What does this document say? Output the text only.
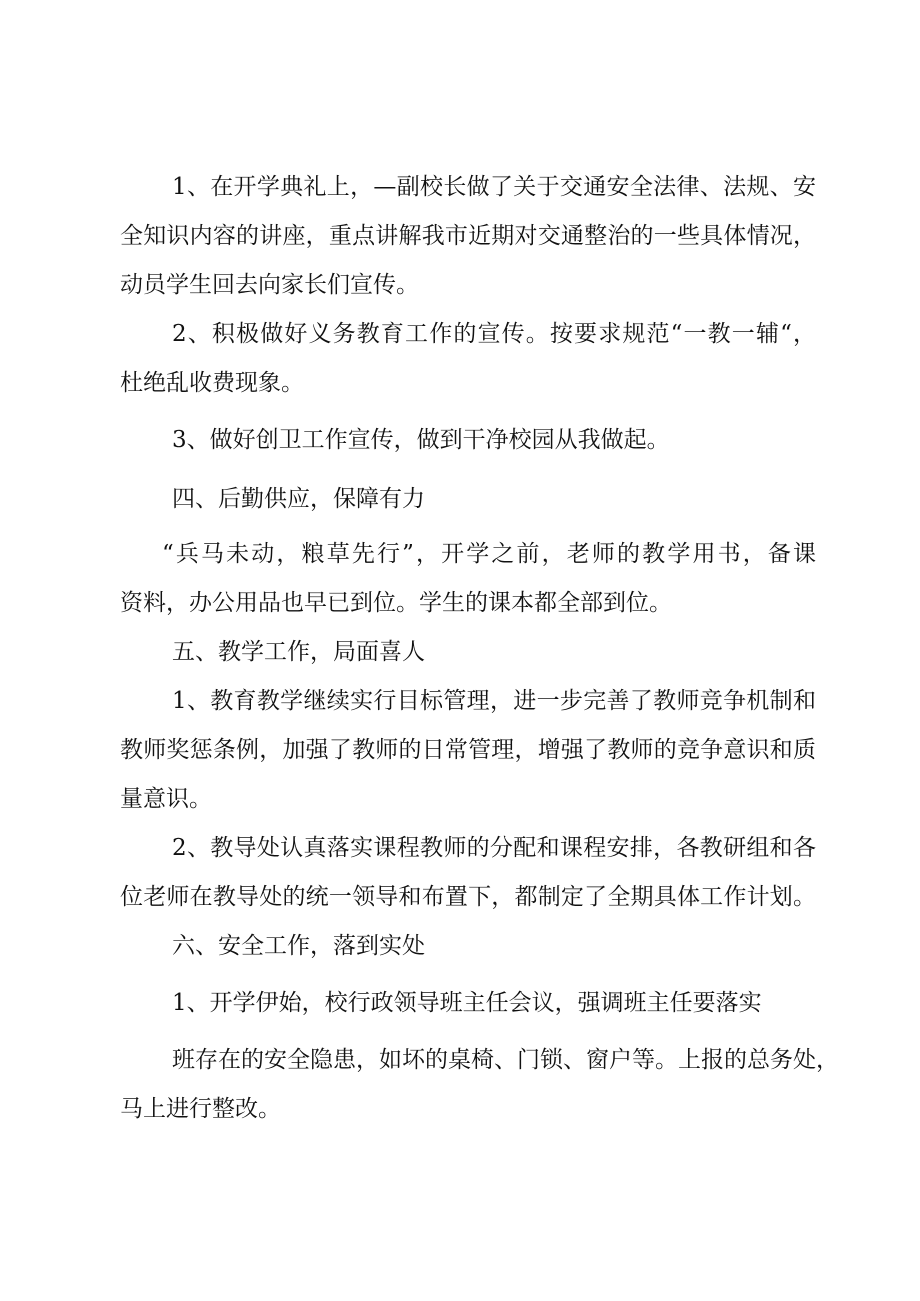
1、在开学典礼上，—副校长做了关于交通安全法律、法规、安

全知识内容的讲座，重点讲解我市近期对交通整治的一些具体情况，

动员学生回去向家长们宣传。

2、积极做好义务教育工作的宣传。按要求规范“一教一辅“，

杜绝乱收费现象。

3、做好创卫工作宣传，做到干净校园从我做起。

四、后勤供应，保障有力

“兵马未动，粮草先行”，开学之前，老师的教学用书，备课

资料，办公用品也早已到位。学生的课本都全部到位。

五、教学工作，局面喜人

1、教育教学继续实行目标管理，进一步完善了教师竞争机制和

教师奖惩条例，加强了教师的日常管理，增强了教师的竞争意识和质

量意识。

2、教导处认真落实课程教师的分配和课程安排，各教研组和各

位老师在教导处的统一领导和布置下，都制定了全期具体工作计划。

六、安全工作，落到实处

1、开学伊始，校行政领导班主任会议，强调班主任要落实

班存在的安全隐患，如坏的桌椅、门锁、窗户等。上报的总务处，

马上进行整改。
